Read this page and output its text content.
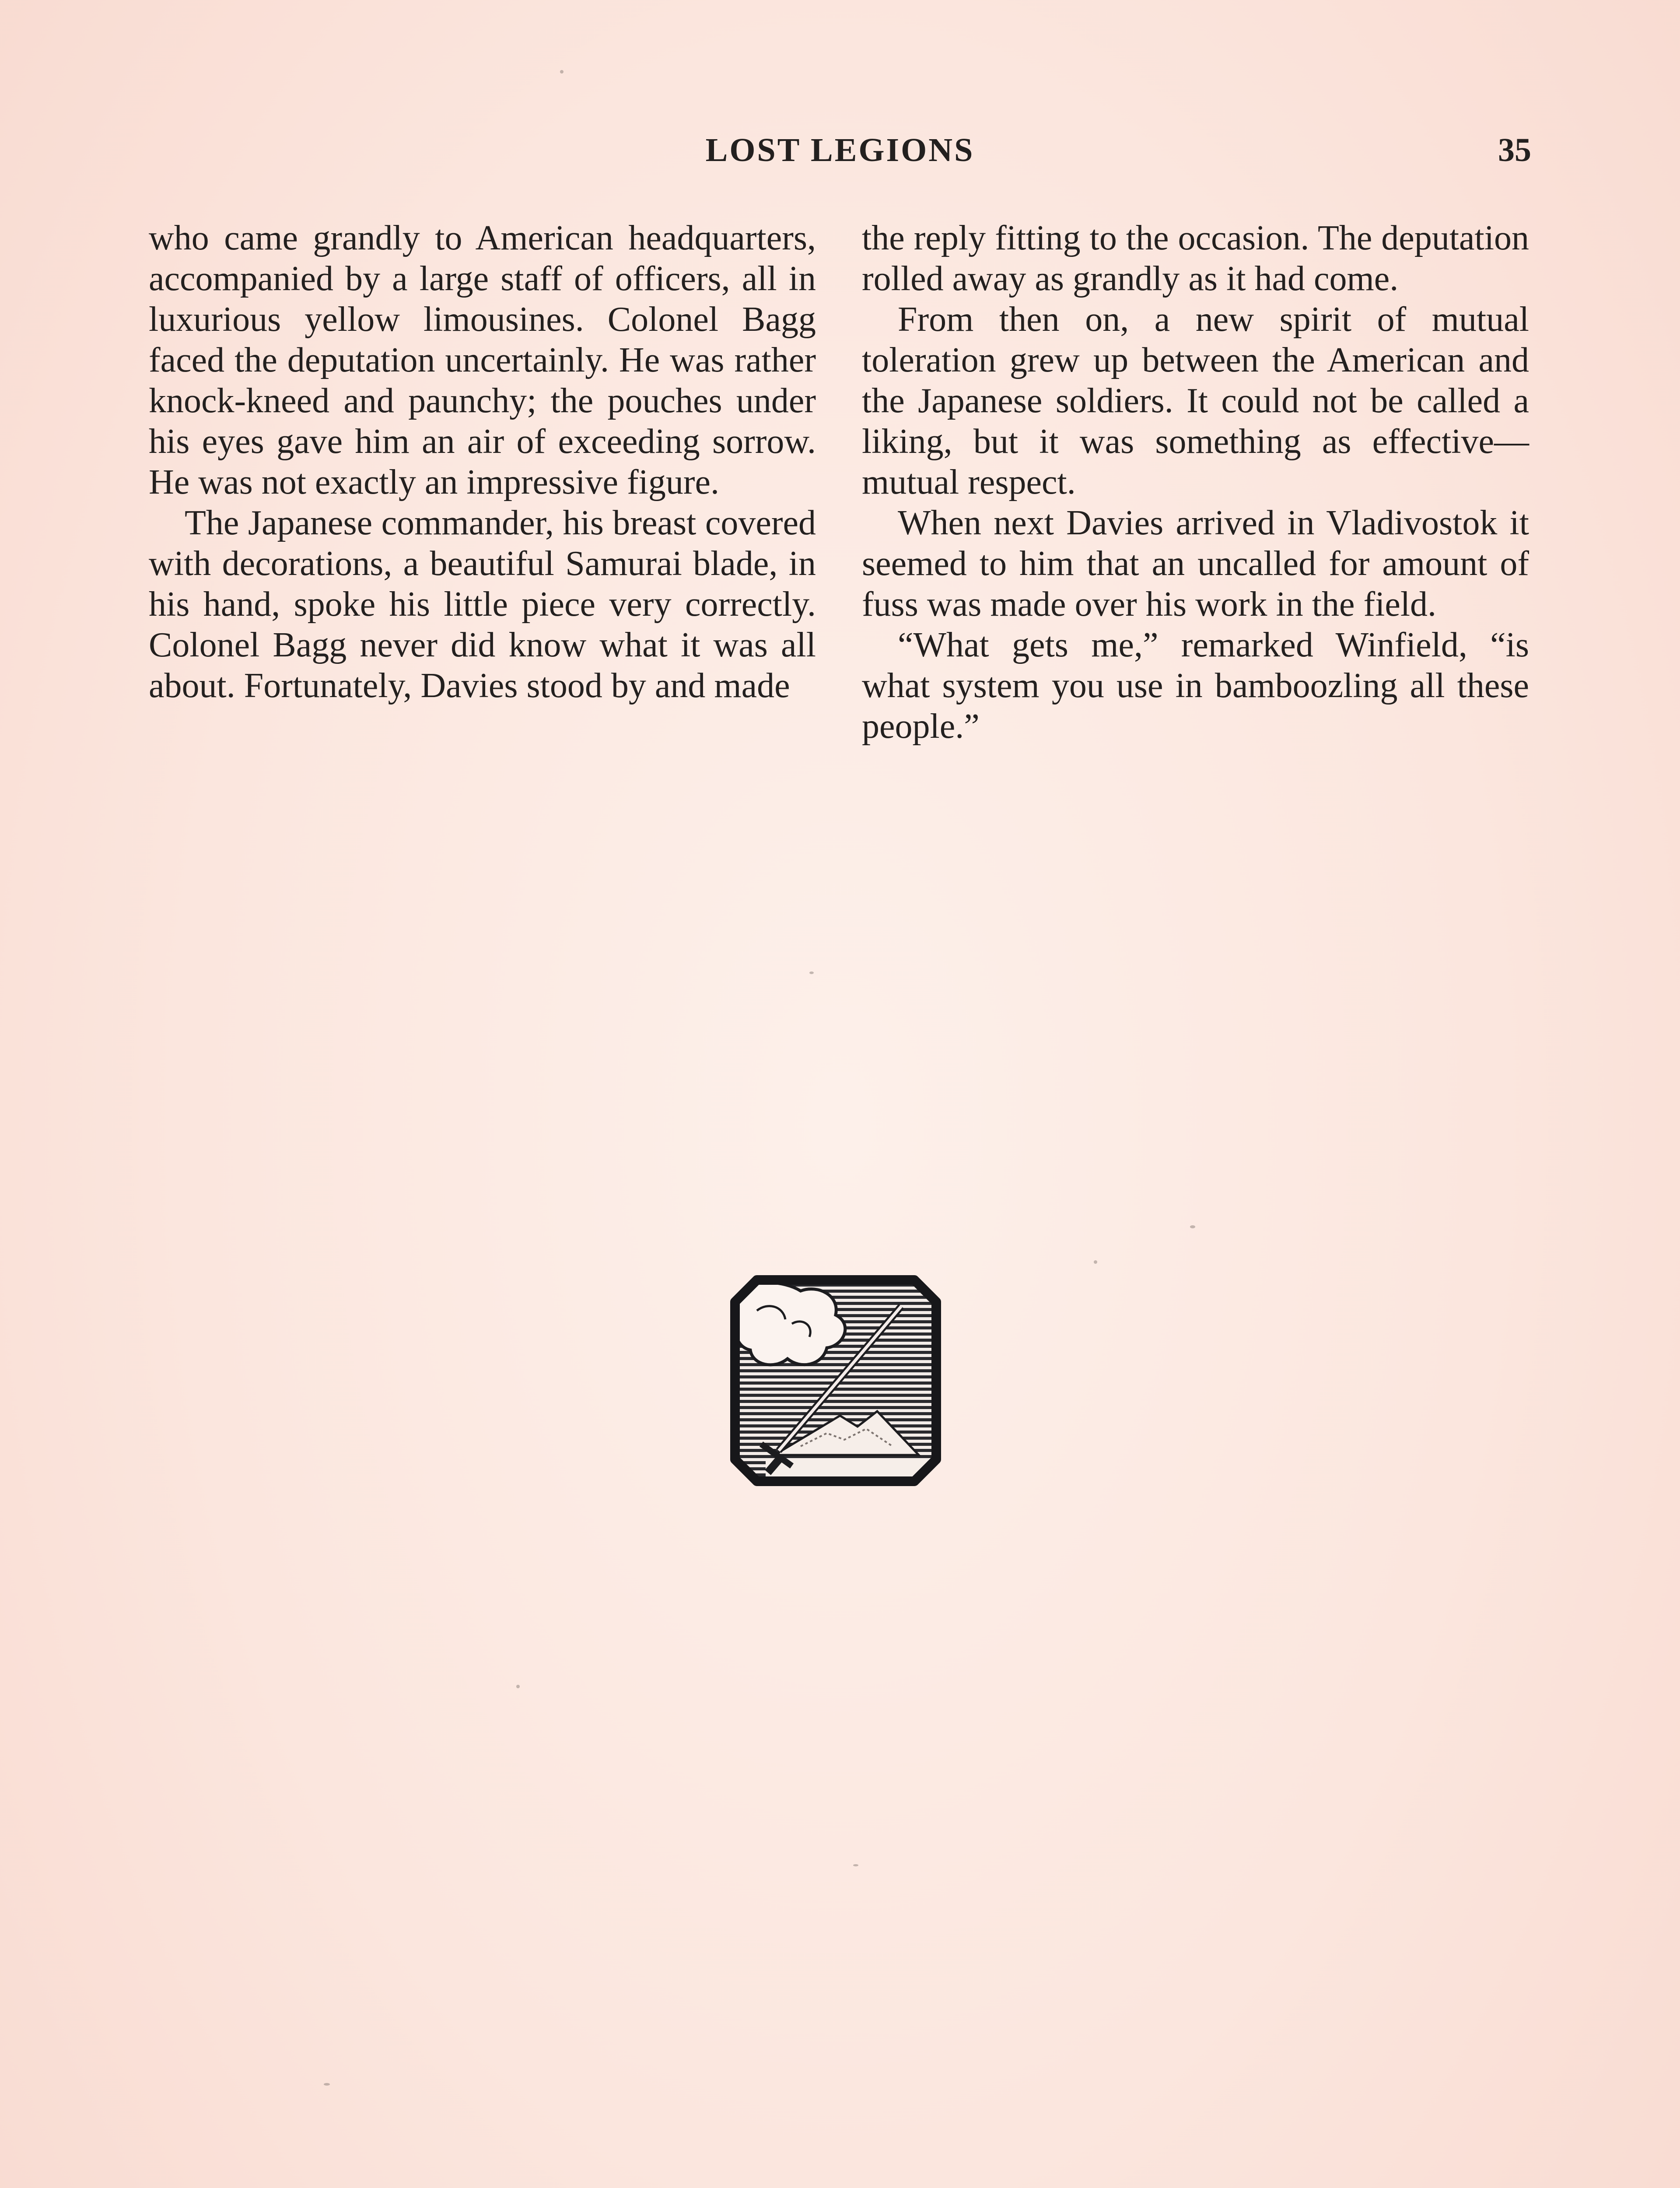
LOST LEGIONS	35

who came grandly to American headquarters, accompanied by a large staff of officers, all in luxurious yellow limousines. Colonel Bagg faced the deputation uncertainly. He was rather knock-kneed and paunchy; the pouches under his eyes gave him an air of exceeding sorrow. He was not exactly an impressive figure.

The Japanese commander, his breast covered with decorations, a beautiful Samurai blade, in his hand, spoke his little piece very correctly. Colonel Bagg never did know what it was all about. Fortunately, Davies stood by and made

the reply fitting to the occasion. The deputation rolled away as grandly as it had come.

From then on, a new spirit of mutual toleration grew up between the American and the Japanese soldiers. It could not be called a liking, but it was something as effective—mutual respect.

When next Davies arrived in Vladivostok it seemed to him that an uncalled for amount of fuss was made over his work in the field.

“What gets me,” remarked Winfield, “is what system you use in bamboozling all these people.”
